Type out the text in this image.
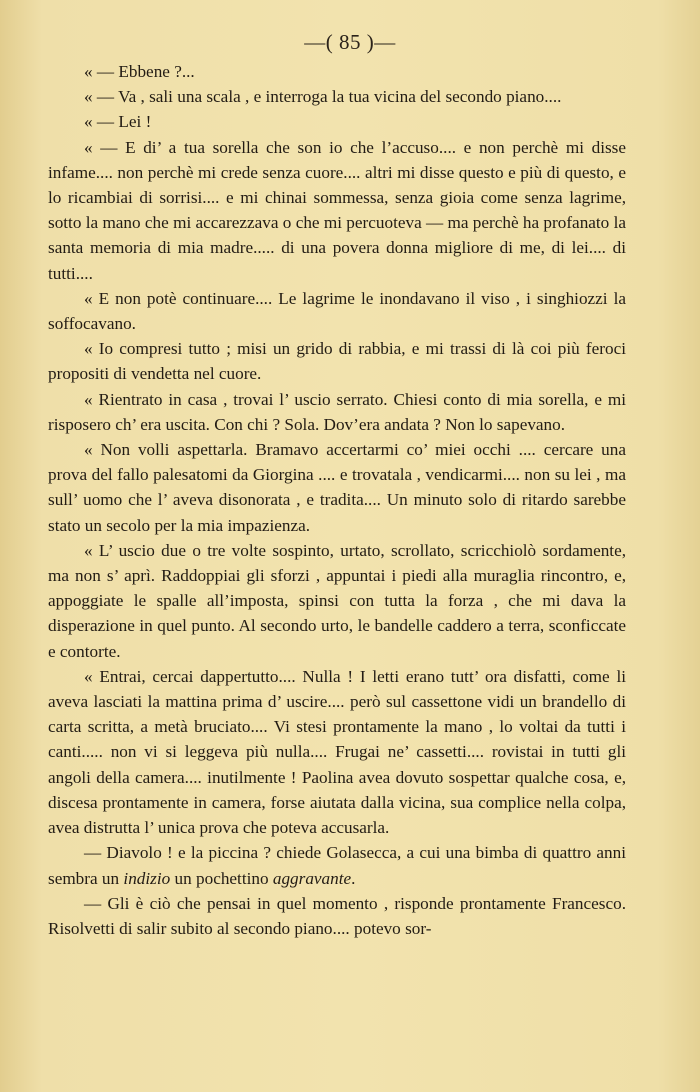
—( 85 )—

« — Ebbene ?...

« — Va , sali una scala , e interroga la tua vicina del secondo piano....

« — Lei !

« — E di’ a tua sorella che son io che l’accuso.... e non perchè mi disse infame.... non perchè mi crede senza cuore.... altri mi disse questo e più di questo, e lo ricambiai di sorrisi.... e mi chinai sommessa, senza gioia come senza lagrime, sotto la mano che mi accarezzava o che mi percuoteva — ma perchè ha profanato la santa memoria di mia madre..... di una povera donna migliore di me, di lei.... di tutti....

« E non potè continuare.... Le lagrime le inondavano il viso , i singhiozzi la soffocavano.

« Io compresi tutto ; misi un grido di rabbia, e mi trassi di là coi più feroci propositi di vendetta nel cuore.

« Rientrato in casa , trovai l’ uscio serrato. Chiesi conto di mia sorella, e mi risposero ch’ era uscita. Con chi ? Sola. Dov’era andata ? Non lo sapevano.

« Non volli aspettarla. Bramavo accertarmi co’ miei occhi .... cercare una prova del fallo palesatomi da Giorgina .... e trovatala , vendicarmi.... non su lei , ma sull’ uomo che l’ aveva disonorata , e tradita.... Un minuto solo di ritardo sarebbe stato un secolo per la mia impazienza.

« L’ uscio due o tre volte sospinto, urtato, scrollato, scricchiolò sordamente, ma non s’ aprì. Raddoppiai gli sforzi , appuntai i piedi alla muraglia rincontro, e, appoggiate le spalle all’imposta, spinsi con tutta la forza , che mi dava la disperazione in quel punto. Al secondo urto, le bandelle caddero a terra, sconficcate e contorte.

« Entrai, cercai dappertutto.... Nulla ! I letti erano tutt’ ora disfatti, come li aveva lasciati la mattina prima d’ uscire.... però sul cassettone vidi un brandello di carta scritta, a metà bruciato.... Vi stesi prontamente la mano , lo voltai da tutti i canti..... non vi si leggeva più nulla.... Frugai ne’ cassetti.... rovistai in tutti gli angoli della camera.... inutilmente ! Paolina avea dovuto sospettar qualche cosa, e, discesa prontamente in camera, forse aiutata dalla vicina, sua complice nella colpa, avea distrutta l’ unica prova che poteva accusarla.

— Diavolo ! e la piccina ? chiede Golasecca, a cui una bimba di quattro anni sembra un indizio un pochettino aggravante.

— Gli è ciò che pensai in quel momento , risponde prontamente Francesco. Risolvetti di salir subito al secondo piano.... potevo sor-
